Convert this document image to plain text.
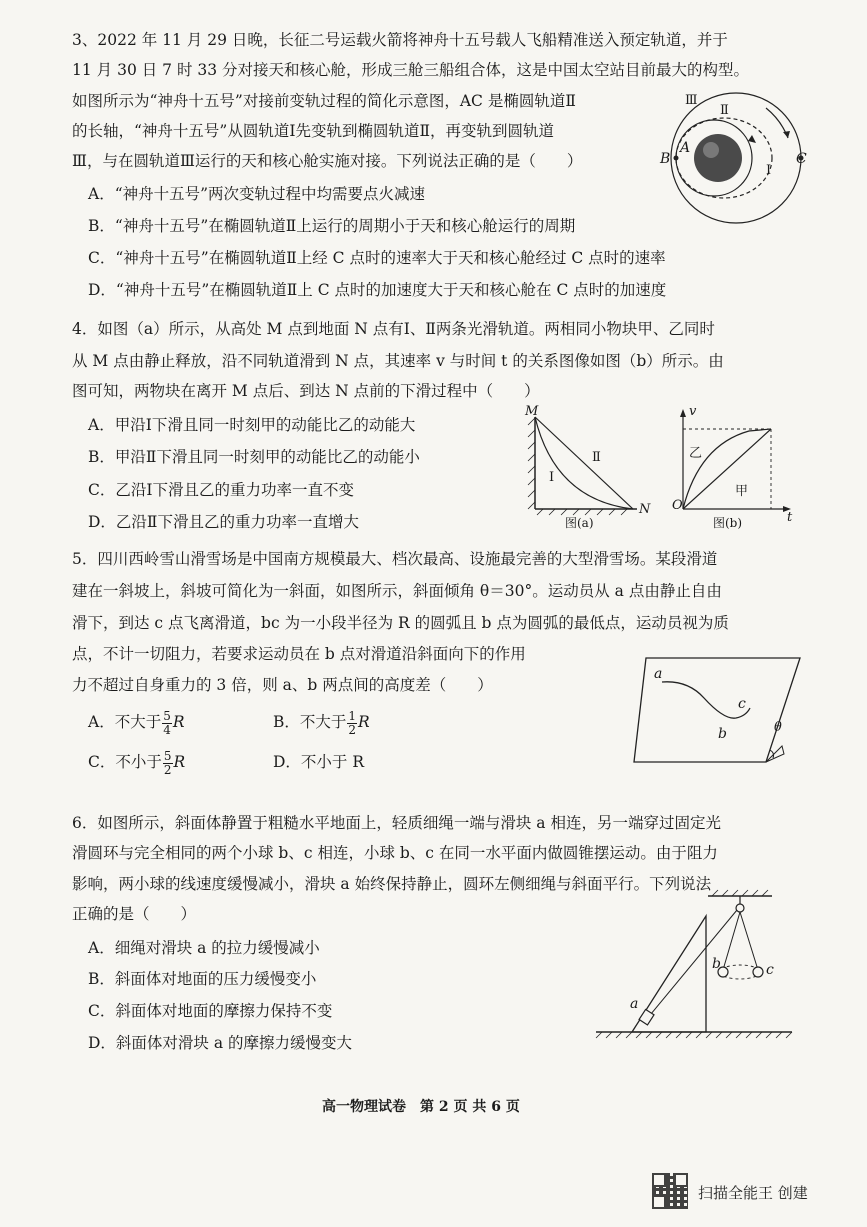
3、2022 年 11 月 29 日晚，长征二号运载火箭将神舟十五号载人飞船精准送入预定轨道，并于
11 月 30 日 7 时 33 分对接天和核心舱，形成三舱三船组合体，这是中国太空站目前最大的构型。
如图所示为“神舟十五号”对接前变轨过程的简化示意图，AC 是椭圆轨道Ⅱ
的长轴，“神舟十五号”从圆轨道Ⅰ先变轨到椭圆轨道Ⅱ，再变轨到圆轨道
Ⅲ，与在圆轨道Ⅲ运行的天和核心舱实施对接。下列说法正确的是（　　）
A．“神舟十五号”两次变轨过程中均需要点火减速
B．“神舟十五号”在椭圆轨道Ⅱ上运行的周期小于天和核心舱运行的周期
C．“神舟十五号”在椭圆轨道Ⅱ上经 C 点时的速率大于天和核心舱经过 C 点时的速率
D．“神舟十五号”在椭圆轨道Ⅱ上 C 点时的加速度大于天和核心舱在 C 点时的加速度
Ⅲ
Ⅱ
Ⅰ
B
A
C
4．如图（a）所示，从高处 M 点到地面 N 点有Ⅰ、Ⅱ两条光滑轨道。两相同小物块甲、乙同时
从 M 点由静止释放，沿不同轨道滑到 N 点，其速率 v 与时间 t 的关系图像如图（b）所示。由
图可知，两物块在离开 M 点后、到达 N 点前的下滑过程中（　　）
A．甲沿Ⅰ下滑且同一时刻甲的动能比乙的动能大
B．甲沿Ⅱ下滑且同一时刻甲的动能比乙的动能小
C．乙沿Ⅰ下滑且乙的重力功率一直不变
D．乙沿Ⅱ下滑且乙的重力功率一直增大
M
N
Ⅰ
Ⅱ
图(a)
O
v
t
乙
甲
图(b)
5．四川西岭雪山滑雪场是中国南方规模最大、档次最高、设施最完善的大型滑雪场。某段滑道
建在一斜坡上，斜坡可简化为一斜面，如图所示，斜面倾角 θ＝30°。运动员从 a 点由静止自由
滑下，到达 c 点飞离滑道，bc 为一小段半径为 R 的圆弧且 b 点为圆弧的最低点，运动员视为质
点，不计一切阻力，若要求运动员在 b 点对滑道沿斜面向下的作用
力不超过自身重力的 3 倍，则 a、b 两点间的高度差（　　）
A．不大于 $\frac{5}{4}$ R	B．不大于 $\frac{1}{2}$ R
C．不小于 $\frac{5}{2}$ R	D．不小于 R
a
b
c
θ
6．如图所示，斜面体静置于粗糙水平地面上，轻质细绳一端与滑块 a 相连，另一端穿过固定光
滑圆环与完全相同的两个小球 b、c 相连，小球 b、c 在同一水平面内做圆锥摆运动。由于阻力
影响，两小球的线速度缓慢减小，滑块 a 始终保持静止，圆环左侧细绳与斜面平行。下列说法
正确的是（　　）
A．细绳对滑块 a 的拉力缓慢减小
B．斜面体对地面的压力缓慢变小
C．斜面体对地面的摩擦力保持不变
D．斜面体对滑块 a 的摩擦力缓慢变大
a
b	c
高一物理试卷　第 2 页 共 6 页
扫描全能王 创建
